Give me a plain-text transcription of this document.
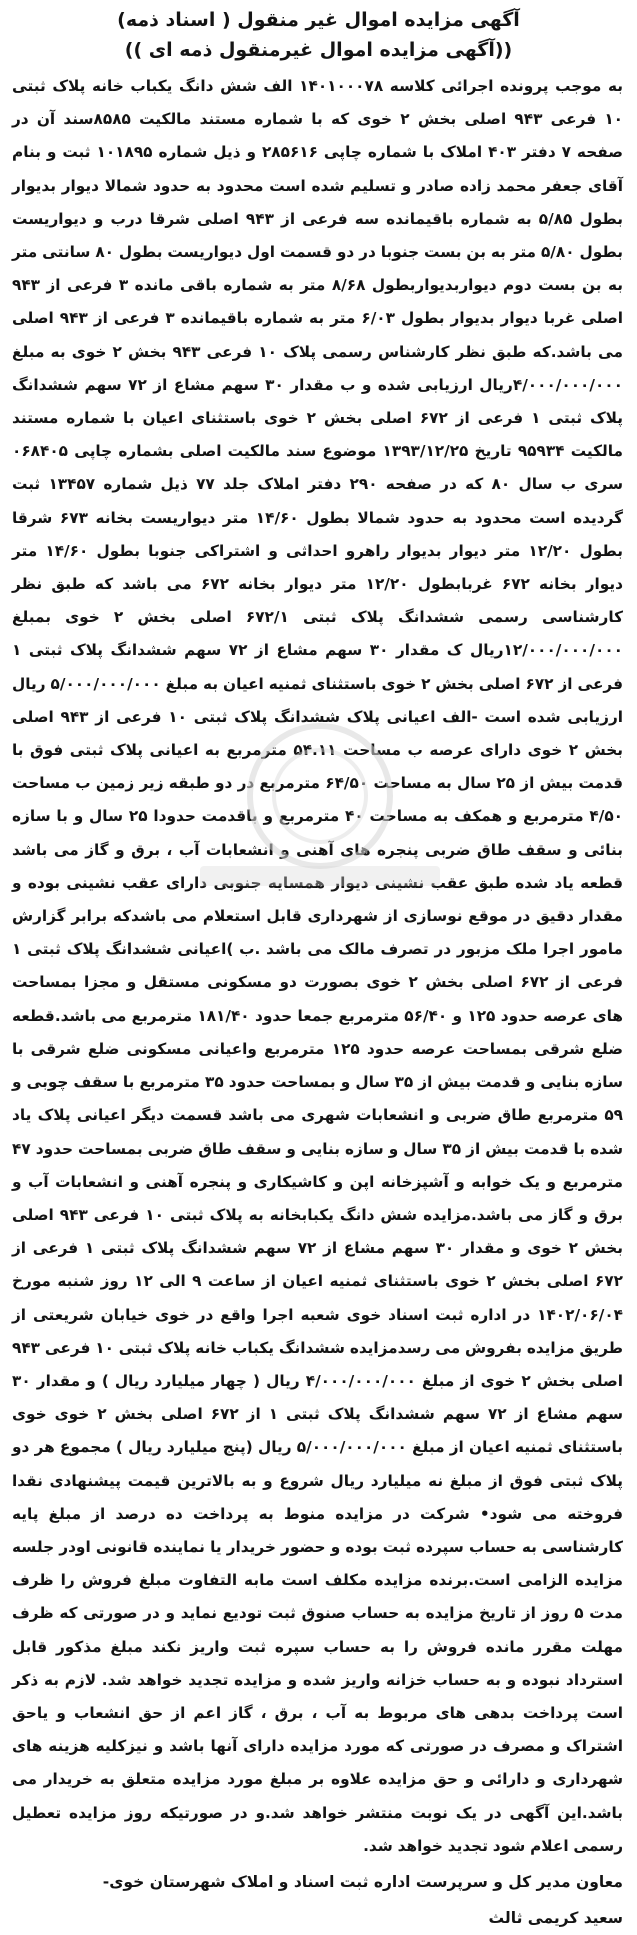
آگهی مزایده اموال غیر منقول ( اسناد ذمه)
((آگهی مزایده اموال غیرمنقول ذمه ای ))

به موجب پرونده اجرائی کلاسه ۱۴۰۱۰۰۰۷۸ الف شش دانگ یکباب خانه پلاک ثبتی ۱۰ فرعی ۹۴۳ اصلی بخش ۲ خوی که با شماره مستند مالکیت ۸۵۸۵سند آن در صفحه ۷ دفتر ۴۰۳ املاک با شماره چاپی ۲۸۵۶۱۶ و ذیل شماره ۱۰۱۸۹۵ ثبت و بنام آقای جعفر محمد زاده صادر و تسلیم شده است محدود به حدود شمالا دیوار بدیوار بطول ۵/۸۵ به شماره باقیمانده سه فرعی از ۹۴۳ اصلی شرقا درب و دیواریست بطول ۵/۸۰ متر به بن بست جنوبا در دو قسمت اول دیواریست بطول ۸۰ سانتی متر به بن بست دوم دیواربدیواربطول ۸/۶۸ متر به شماره باقی مانده ۳ فرعی از ۹۴۳ اصلی غربا دیوار بدیوار بطول ۶/۰۳ متر به شماره باقیمانده ۳ فرعی از ۹۴۳ اصلی می باشد.که طبق نظر کارشناس رسمی پلاک ۱۰ فرعی ۹۴۳ بخش ۲ خوی به مبلغ ۴/۰۰۰/۰۰۰/۰۰۰ریال ارزیابی شده و ب مقدار ۳۰ سهم مشاع از ۷۲ سهم ششدانگ پلاک ثبتی ۱ فرعی از ۶۷۲ اصلی بخش ۲ خوی باستثنای اعیان با شماره مستند مالکیت ۹۵۹۳۴ تاریخ ۱۳۹۳/۱۲/۲۵ موضوع سند مالکیت اصلی بشماره چاپی ۰۶۸۴۰۵ سری ب سال ۸۰ که در صفحه ۲۹۰ دفتر املاک جلد ۷۷ ذیل شماره ۱۳۴۵۷ ثبت گردیده است محدود به حدود شمالا بطول ۱۴/۶۰ متر دیواریست بخانه ۶۷۳ شرقا بطول ۱۲/۲۰ متر دیوار بدیوار راهرو احداثی و اشتراکی جنوبا بطول ۱۴/۶۰ متر دیوار بخانه ۶۷۲ غربابطول ۱۲/۲۰ متر دیوار بخانه ۶۷۲ می باشد که طبق نظر کارشناسی رسمی ششدانگ پلاک ثبتی ۶۷۲/۱ اصلی بخش ۲ خوی بمبلغ ۱۲/۰۰۰/۰۰۰/۰۰۰ریال ک مقدار ۳۰ سهم مشاع از ۷۲ سهم ششدانگ پلاک ثبتی ۱ فرعی از ۶۷۲ اصلی بخش ۲ خوی باستثنای ثمنیه اعیان به مبلغ ۵/۰۰۰/۰۰۰/۰۰۰ ریال ارزیابی شده است -الف اعیانی پلاک ششدانگ پلاک ثبتی ۱۰ فرعی از ۹۴۳ اصلی بخش ۲ خوی دارای عرصه ب مساحت ۵۴.۱۱ مترمربع به اعیانی پلاک ثبتی فوق با قدمت بیش از ۲۵ سال به مساحت ۶۴/۵۰ مترمربع در دو طبقه زیر زمین ب مساحت ۴/۵۰ مترمربع و همکف به مساحت ۴۰ مترمربع و باقدمت حدودا ۲۵ سال و با سازه بنائی و سقف طاق ضربی پنجره های آهنی و انشعابات آب ، برق و گاز می باشد قطعه یاد شده طبق عقب نشینی دیوار همسایه جنوبی دارای عقب نشینی بوده و مقدار دقیق در موقع نوسازی از شهرداری قابل استعلام می باشدکه برابر گزارش مامور اجرا ملک مزبور در تصرف مالک می باشد .ب )اعیانی ششدانگ پلاک ثبتی ۱ فرعی از ۶۷۲ اصلی بخش ۲ خوی بصورت دو مسکونی مستقل و مجزا بمساحت های عرصه حدود ۱۲۵ و ۵۶/۴۰ مترمربع جمعا حدود ۱۸۱/۴۰ مترمربع می باشد.قطعه ضلع شرقی بمساحت عرصه حدود ۱۲۵ مترمربع واعیانی مسکونی ضلع شرقی با سازه بنایی و قدمت بیش از ۳۵ سال و بمساحت حدود ۳۵ مترمربع با سقف چوبی و ۵۹ مترمربع طاق ضربی و انشعابات شهری می باشد قسمت دیگر اعیانی پلاک یاد شده با قدمت بیش از ۳۵ سال و سازه بنایی و سقف طاق ضربی بمساحت حدود ۴۷ مترمربع و یک خوابه و آشپزخانه اپن و کاشیکاری و پنجره آهنی و انشعابات آب و برق و گاز می باشد.مزایده شش دانگ یکبابخانه به پلاک ثبتی ۱۰ فرعی ۹۴۳ اصلی بخش ۲ خوی و مقدار ۳۰ سهم مشاع از ۷۲ سهم ششدانگ پلاک ثبتی ۱ فرعی از ۶۷۲ اصلی بخش ۲ خوی باستثنای ثمنیه اعیان از ساعت ۹ الی ۱۲ روز شنبه مورخ ۱۴۰۲/۰۶/۰۴ در اداره ثبت اسناد خوی شعبه اجرا واقع در خوی خیابان شریعتی از طریق مزایده بفروش می رسدمزایده ششدانگ یکباب خانه پلاک ثبتی ۱۰ فرعی ۹۴۳ اصلی بخش ۲ خوی از مبلغ ۴/۰۰۰/۰۰۰/۰۰۰ ریال ( چهار میلیارد ریال ) و مقدار ۳۰ سهم مشاع از ۷۲ سهم ششدانگ پلاک ثبتی ۱ از ۶۷۲ اصلی بخش ۲ خوی خوی باستثنای ثمنیه اعیان از مبلغ ۵/۰۰۰/۰۰۰/۰۰۰ ریال (پنج میلیارد ریال ) مجموع هر دو پلاک ثبتی فوق از مبلغ نه میلیارد ریال شروع و به بالاترین قیمت پیشنهادی نقدا فروخته می شود• شرکت در مزایده منوط به پرداخت ده درصد از مبلغ پایه کارشناسی به حساب سپرده ثبت بوده و حضور خریدار یا نماینده قانونی اودر جلسه مزایده الزامی است.برنده مزایده مکلف است مابه التفاوت مبلغ فروش را ظرف مدت ۵ روز از تاریخ مزایده به حساب صنوق ثبت تودیع نماید و در صورتی که ظرف مهلت مقرر مانده فروش را به حساب سپره ثبت واریز نکند مبلغ مذکور قابل استرداد نبوده و به حساب خزانه واریز شده و مزایده تجدید خواهد شد. لازم به ذکر است پرداخت بدهی های مربوط به آب ، برق ، گاز اعم از حق انشعاب و یاحق اشتراک و مصرف در صورتی که مورد مزایده دارای آنها باشد و نیزکلیه هزینه های شهرداری و دارائی و حق مزایده علاوه بر مبلغ مورد مزایده متعلق به خریدار می باشد.این آگهی در یک نوبت منتشر خواهد شد.و در صورتیکه روز مزایده تعطیل رسمی اعلام شود تجدید خواهد شد.

معاون مدیر کل و سرپرست اداره ثبت اسناد و املاک شهرستان خوی-
سعید کریمی ثالث
